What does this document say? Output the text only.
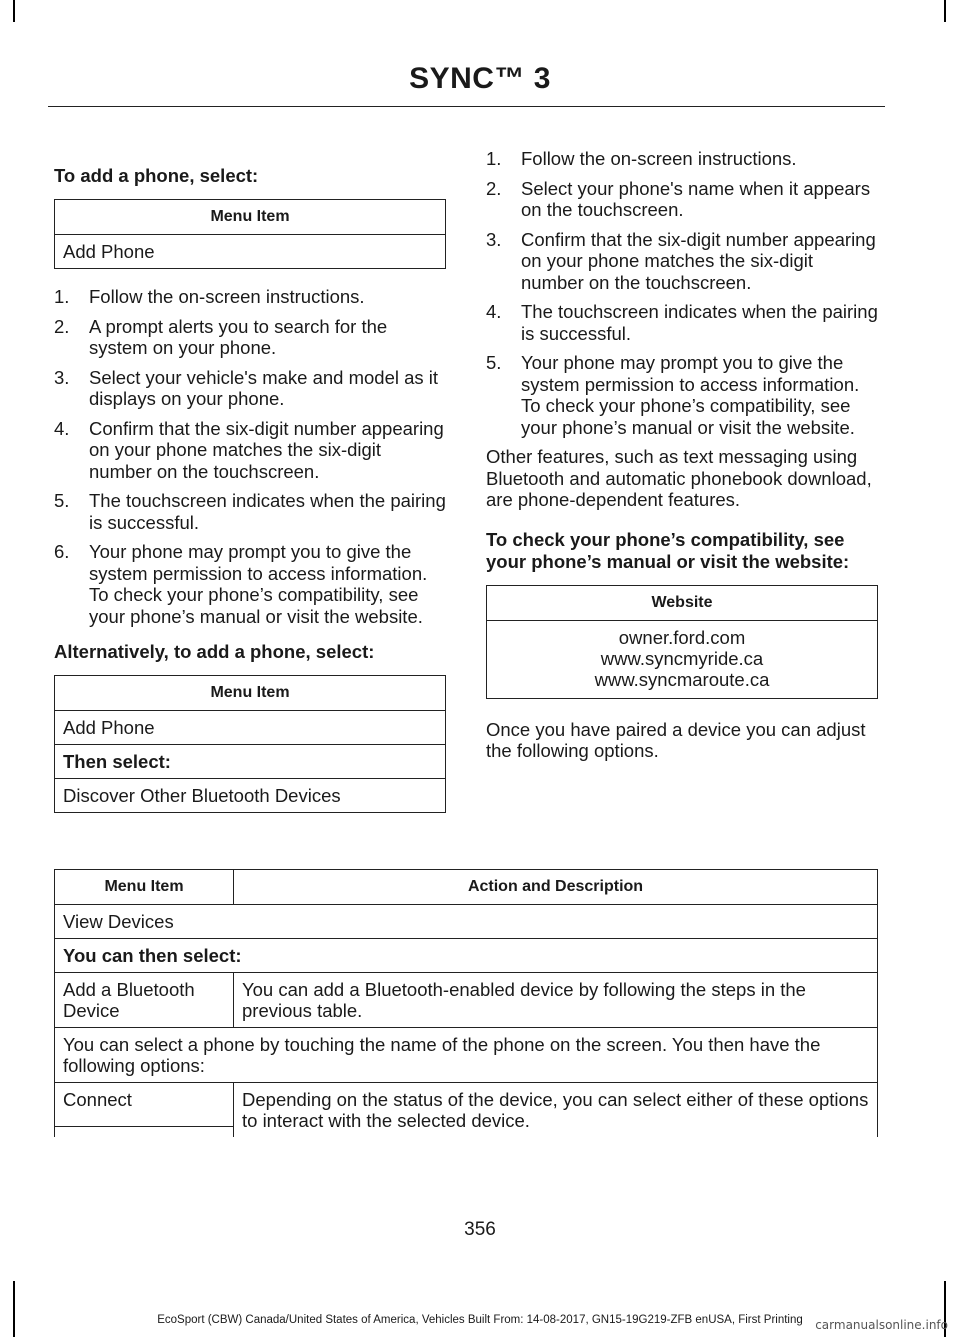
SYNC™ 3

To add a phone, select:

Menu Item
Add Phone
1. Follow the on-screen instructions.
2. A prompt alerts you to search for the system on your phone.
3. Select your vehicle's make and model as it displays on your phone.
4. Confirm that the six-digit number appearing on your phone matches the six-digit number on the touchscreen.
5. The touchscreen indicates when the pairing is successful.
6. Your phone may prompt you to give the system permission to access information. To check your phone’s compatibility, see your phone’s manual or visit the website.

Alternatively, to add a phone, select:

Menu Item
Add Phone
Then select:
Discover Other Bluetooth Devices
1. Follow the on-screen instructions.
2. Select your phone's name when it appears on the touchscreen.
3. Confirm that the six-digit number appearing on your phone matches the six-digit number on the touchscreen.
4. The touchscreen indicates when the pairing is successful.
5. Your phone may prompt you to give the system permission to access information. To check your phone’s compatibility, see your phone’s manual or visit the website.

Other features, such as text messaging using Bluetooth and automatic phonebook download, are phone-dependent features.

To check your phone’s compatibility, see your phone’s manual or visit the website:

Website

owner.ford.com
www.syncmyride.ca
www.syncmaroute.ca

Once you have paired a device you can adjust the following options.

Menu Item	Action and Description
View Devices	
You can then select:	
Add a Bluetooth Device	You can add a Bluetooth-enabled device by following the steps in the previous table.
You can select a phone by touching the name of the phone on the screen. You then have the following options:	
Connect	Depending on the status of the device, you can select either of these options to interact with the selected device.

356
EcoSport (CBW) Canada/United States of America, Vehicles Built From: 14-08-2017, GN15-19G219-ZFB enUSA, First Printing	carmanualsonline.info
